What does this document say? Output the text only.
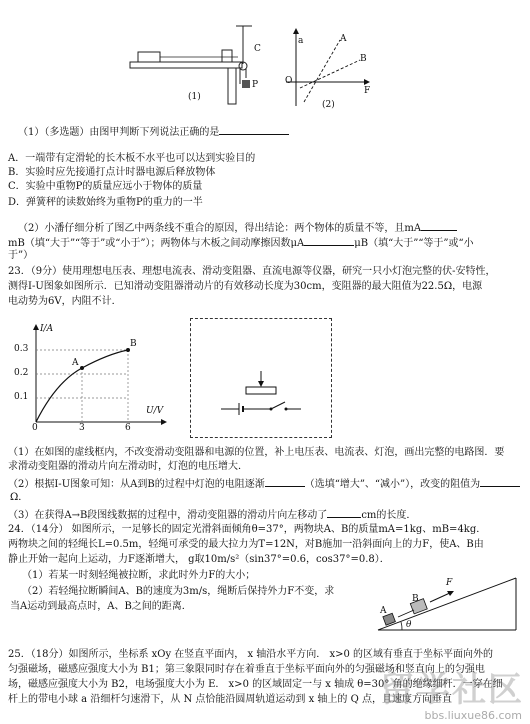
C
P
(1)
a
F
O
A
B
(2)
（1）（多选题）由图甲判断下列说法正确的是
A．一端带有定滑轮的长木板不水平也可以达到实验目的
B．实验时应先接通打点计时器电源后释放物体
C．实验中重物P的质量应远小于物体的质量
D．弹簧秤的读数始终为重物P的重力的一半
（2）小潘仔细分析了图乙中两条线不重合的原因，得出结论：两个物体的质量不等，且mA
mB（填“大于”“等于”或“小于”）；两物体与木板之间动摩擦因数μA	μB（填“大于”“等于”或“小
于”）
23．（9分）使用理想电压表、理想电流表、滑动变阻器、直流电源等仪器，研究一只小灯泡完整的伏-安特性，
测得I-U图象如图所示．已知滑动变阻器滑动片的有效移动长度为30cm，变阻器的最大阻值为22.5Ω，电源
电动势为6V，内阻不计．
I/A
U/V
0.3
0.2
0.1
0	3	6
A
B
（1）在如图的虚线框内，不改变滑动变阻器和电源的位置，补上电压表、电流表、灯泡，画出完整的电路图．要
求滑动变阻器的滑动片向左滑动时，灯泡的电压增大．
（2）根据I-U图象可知：从A到B的过程中灯泡的电阻逐渐	（选填“增大”、“减小”），改变的阻值为
Ω．
（3）在获得A→B段图线数据的过程中，滑动变阻器的滑动片向左移动了	cm的长度．
24．（14分） 如图所示，一足够长的固定光滑斜面倾角θ=37°，两物块A、B的质量mA=1kg、mB=4kg．
两物块之间的轻绳长L=0.5m，轻绳可承受的最大拉力为T=12N，对B施加一沿斜面向上的力F，使A、B由
静止开始一起向上运动，力F逐渐增大， g取10m/s²（sin37°=0.6，cos37°=0.8）．
（1）若某一时刻轻绳被拉断，求此时外力F的大小；
（2）若轻绳拉断瞬间A、B的速度为3m/s，绳断后保持外力F不变，求
当A运动到最高点时，A、B之间的距离．
F
A
B
θ
25．（18分）如图所示，坐标系 xOy 在竖直平面内， x 轴沿水平方向． x>0 的区域有垂直于坐标平面向外的
匀强磁场，磁感应强度大小为 B1；第三象限同时存在着垂直于坐标平面向外的匀强磁场和竖直向上的匀强电
场，磁感应强度大小为 B2，电场强度大小为 E． x>0 的区域固定一与 x 轴成 θ=30° 角的绝缘细杆．一穿在细
杆上的带电小球 a 沿细杆匀速滑下，从 N 点恰能沿圆周轨道运动到 x 轴上的 Q 点，且速度方向垂直
留学社区
bbs.liuxue86.com
